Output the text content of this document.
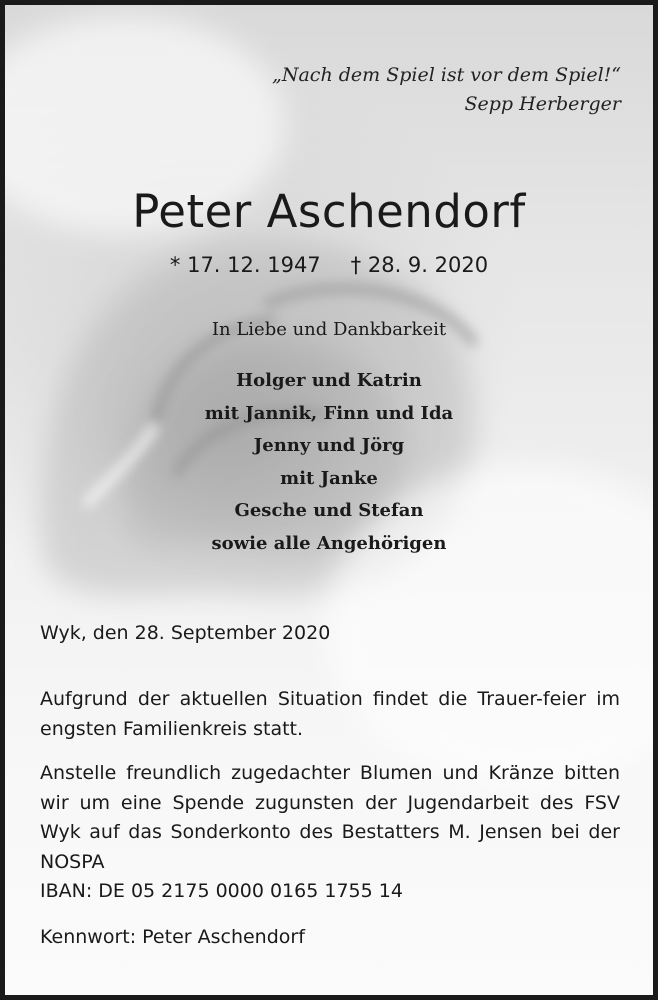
„Nach dem Spiel ist vor dem Spiel!“
Sepp Herberger
Peter Aschendorf
* 17. 12. 1947 † 28. 9. 2020
In Liebe und Dankbarkeit
Holger und Katrin
mit Jannik, Finn und Ida
Jenny und Jörg
mit Janke
Gesche und Stefan
sowie alle Angehörigen
Wyk, den 28. September 2020
Aufgrund der aktuellen Situation findet die Trauer-feier im engsten Familienkreis statt.
Anstelle freundlich zugedachter Blumen und Kränze bitten wir um eine Spende zugunsten der Jugendarbeit des FSV Wyk auf das Sonderkonto des Bestatters M. Jensen bei der NOSPA
IBAN: DE 05 2175 0000 0165 1755 14
Kennwort: Peter Aschendorf
